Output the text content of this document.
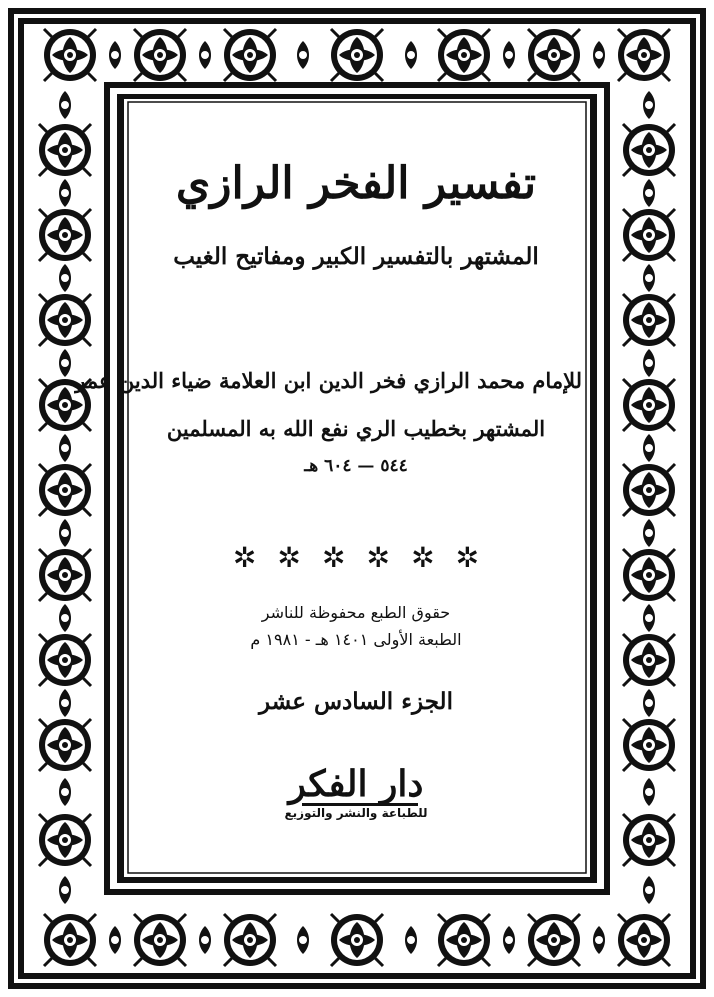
تفسير الفخر الرازي
المشتهر بالتفسير الكبير ومفاتيح الغيب
للإمام محمد الرازي فخر الدين ابن العلامة ضياء الدين عمر
المشتهر بخطيب الري نفع الله به المسلمين
٥٤٤ — ٦٠٤ هـ
✲ ✲ ✲ ✲ ✲ ✲
حقوق الطبع محفوظة للناشر
الطبعة الأولى ١٤٠١ هـ - ١٩٨١ م
الجزء السادس عشر
دار الفكر
للطباعة والنشر والتوزيع
